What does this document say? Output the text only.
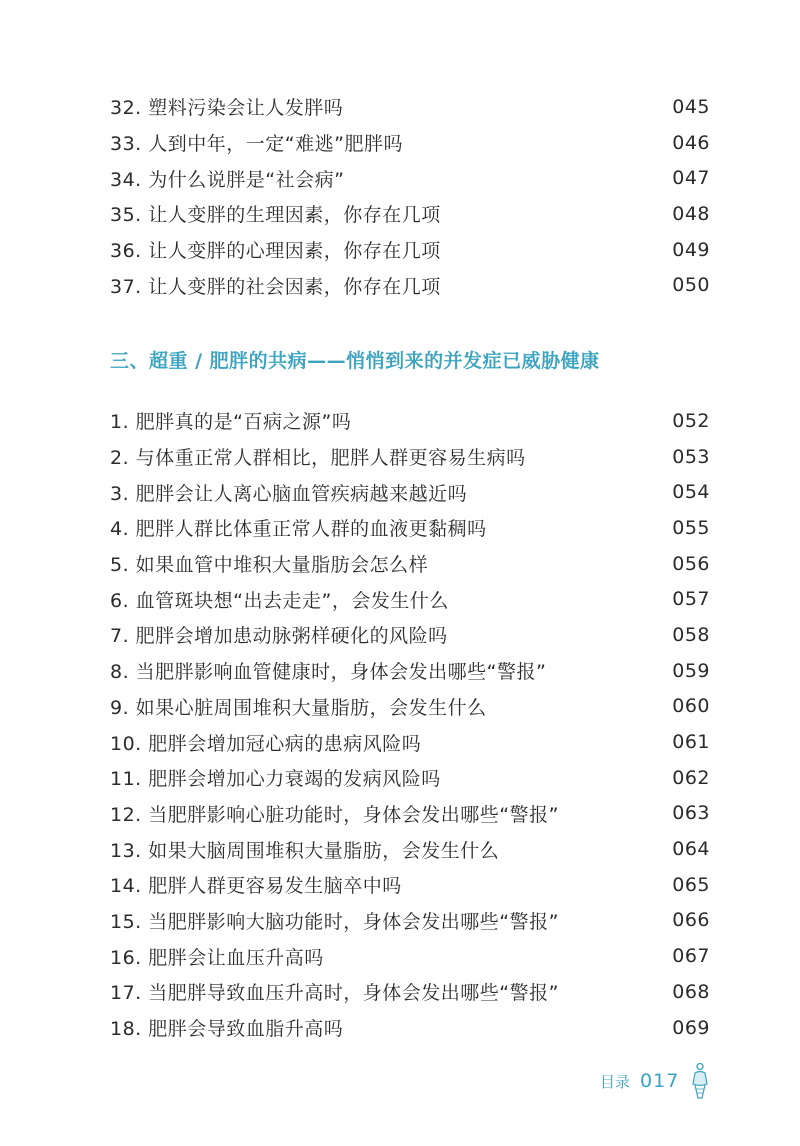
32. 塑料污染会让人发胖吗	045
33. 人到中年，一定“难逃”肥胖吗	046
34. 为什么说胖是“社会病”	047
35. 让人变胖的生理因素，你存在几项	048
36. 让人变胖的心理因素，你存在几项	049
37. 让人变胖的社会因素，你存在几项	050
三、超重 / 肥胖的共病——悄悄到来的并发症已威胁健康
1. 肥胖真的是“百病之源”吗	052
2. 与体重正常人群相比，肥胖人群更容易生病吗	053
3. 肥胖会让人离心脑血管疾病越来越近吗	054
4. 肥胖人群比体重正常人群的血液更黏稠吗	055
5. 如果血管中堆积大量脂肪会怎么样	056
6. 血管斑块想“出去走走”，会发生什么	057
7. 肥胖会增加患动脉粥样硬化的风险吗	058
8. 当肥胖影响血管健康时，身体会发出哪些“警报”	059
9. 如果心脏周围堆积大量脂肪，会发生什么	060
10. 肥胖会增加冠心病的患病风险吗	061
11. 肥胖会增加心力衰竭的发病风险吗	062
12. 当肥胖影响心脏功能时，身体会发出哪些“警报”	063
13. 如果大脑周围堆积大量脂肪，会发生什么	064
14. 肥胖人群更容易发生脑卒中吗	065
15. 当肥胖影响大脑功能时，身体会发出哪些“警报”	066
16. 肥胖会让血压升高吗	067
17. 当肥胖导致血压升高时，身体会发出哪些“警报”	068
18. 肥胖会导致血脂升高吗	069
目录 017
